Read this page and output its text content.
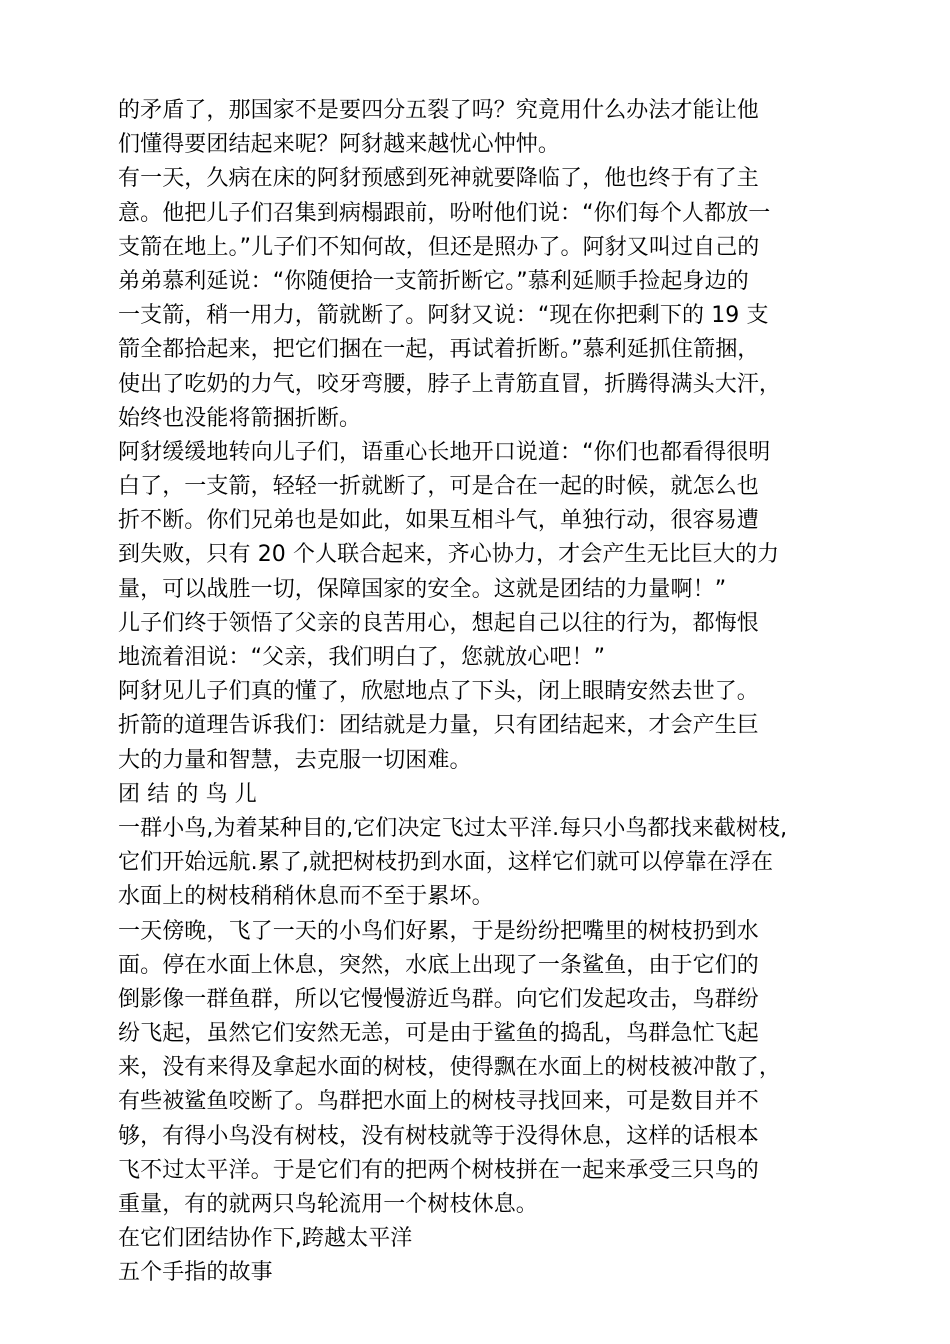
的矛盾了，那国家不是要四分五裂了吗？究竟用什么办法才能让他
们懂得要团结起来呢？阿豺越来越忧心忡忡。
有一天，久病在床的阿豺预感到死神就要降临了，他也终于有了主
意。他把儿子们召集到病榻跟前，吩咐他们说：“你们每个人都放一
支箭在地上。”儿子们不知何故，但还是照办了。阿豺又叫过自己的
弟弟慕利延说：“你随便拾一支箭折断它。”慕利延顺手捡起身边的
一支箭，稍一用力，箭就断了。阿豺又说：“现在你把剩下的 19 支
箭全都拾起来，把它们捆在一起，再试着折断。”慕利延抓住箭捆，
使出了吃奶的力气，咬牙弯腰，脖子上青筋直冒，折腾得满头大汗，
始终也没能将箭捆折断。
阿豺缓缓地转向儿子们，语重心长地开口说道：“你们也都看得很明
白了，一支箭，轻轻一折就断了，可是合在一起的时候，就怎么也
折不断。你们兄弟也是如此，如果互相斗气，单独行动，很容易遭
到失败，只有 20 个人联合起来，齐心协力，才会产生无比巨大的力
量，可以战胜一切，保障国家的安全。这就是团结的力量啊！”
儿子们终于领悟了父亲的良苦用心，想起自己以往的行为，都悔恨
地流着泪说：“父亲，我们明白了，您就放心吧！”
阿豺见儿子们真的懂了，欣慰地点了下头，闭上眼睛安然去世了。
折箭的道理告诉我们：团结就是力量，只有团结起来，才会产生巨
大的力量和智慧，去克服一切困难。
团 结 的 鸟 儿
一群小鸟,为着某种目的,它们决定飞过太平洋.每只小鸟都找来截树枝,
它们开始远航.累了,就把树枝扔到水面，这样它们就可以停靠在浮在
水面上的树枝稍稍休息而不至于累坏。
一天傍晚，飞了一天的小鸟们好累，于是纷纷把嘴里的树枝扔到水
面。停在水面上休息，突然，水底上出现了一条鲨鱼，由于它们的
倒影像一群鱼群，所以它慢慢游近鸟群。向它们发起攻击，鸟群纷
纷飞起，虽然它们安然无恙，可是由于鲨鱼的捣乱，鸟群急忙飞起
来，没有来得及拿起水面的树枝，使得飘在水面上的树枝被冲散了，
有些被鲨鱼咬断了。鸟群把水面上的树枝寻找回来，可是数目并不
够，有得小鸟没有树枝，没有树枝就等于没得休息，这样的话根本
飞不过太平洋。于是它们有的把两个树枝拼在一起来承受三只鸟的
重量，有的就两只鸟轮流用一个树枝休息。
在它们团结协作下,跨越太平洋
五个手指的故事
